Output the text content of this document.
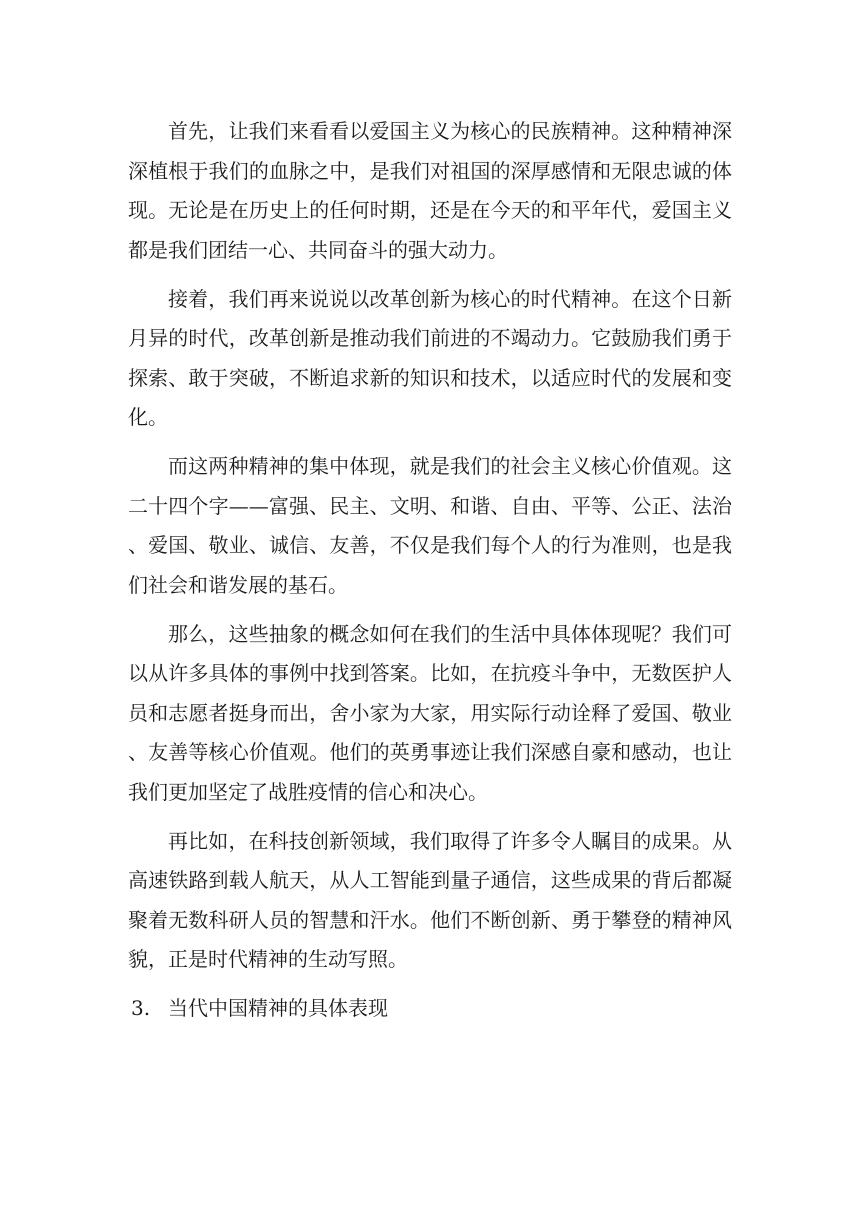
首先，让我们来看看以爱国主义为核心的民族精神。这种精神深深植根于我们的血脉之中，是我们对祖国的深厚感情和无限忠诚的体现。无论是在历史上的任何时期，还是在今天的和平年代，爱国主义都是我们团结一心、共同奋斗的强大动力。

接着，我们再来说说以改革创新为核心的时代精神。在这个日新月异的时代，改革创新是推动我们前进的不竭动力。它鼓励我们勇于探索、敢于突破，不断追求新的知识和技术，以适应时代的发展和变化。

而这两种精神的集中体现，就是我们的社会主义核心价值观。这二十四个字——富强、民主、文明、和谐、自由、平等、公正、法治、爱国、敬业、诚信、友善，不仅是我们每个人的行为准则，也是我们社会和谐发展的基石。

那么，这些抽象的概念如何在我们的生活中具体体现呢？我们可以从许多具体的事例中找到答案。比如，在抗疫斗争中，无数医护人员和志愿者挺身而出，舍小家为大家，用实际行动诠释了爱国、敬业、友善等核心价值观。他们的英勇事迹让我们深感自豪和感动，也让我们更加坚定了战胜疫情的信心和决心。

再比如，在科技创新领域，我们取得了许多令人瞩目的成果。从高速铁路到载人航天，从人工智能到量子通信，这些成果的背后都凝聚着无数科研人员的智慧和汗水。他们不断创新、勇于攀登的精神风貌，正是时代精神的生动写照。

3. 当代中国精神的具体表现
